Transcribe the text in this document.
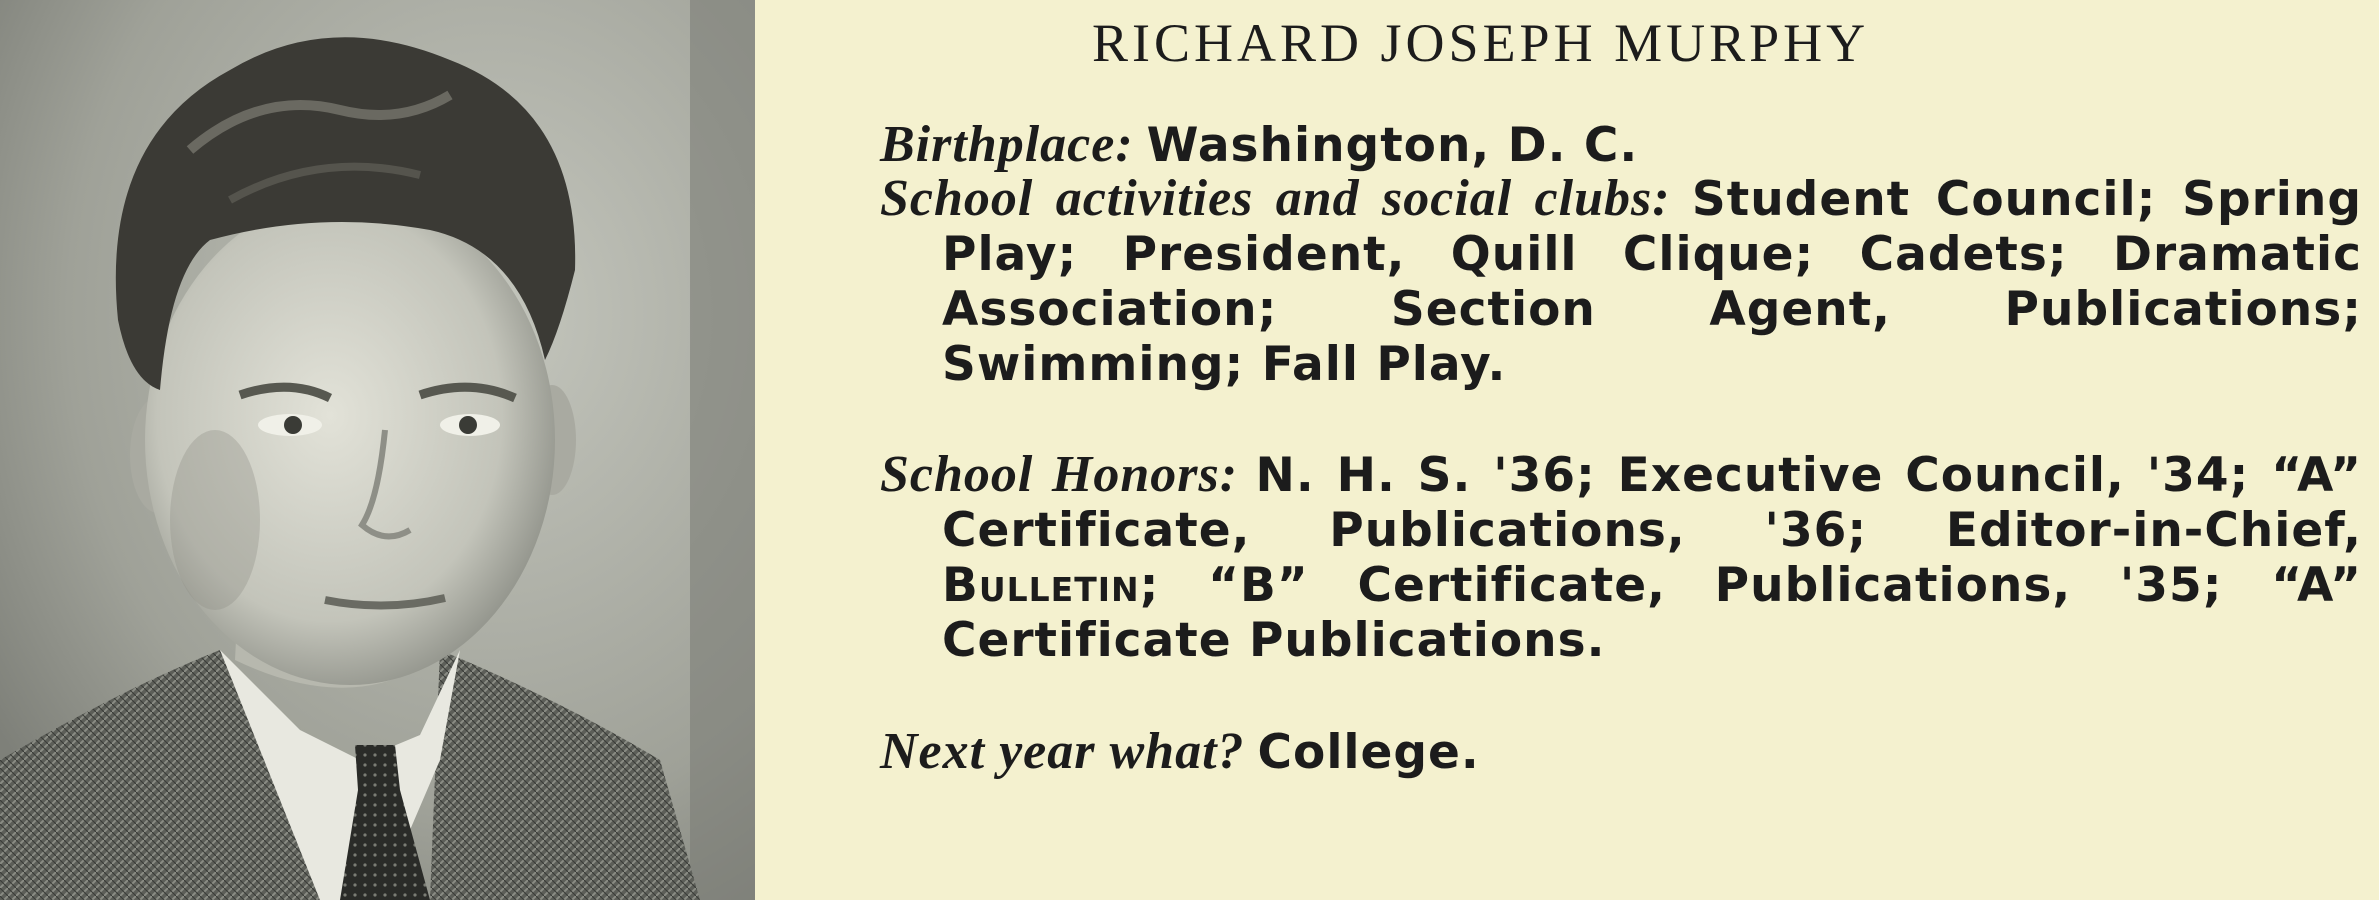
RICHARD JOSEPH MURPHY
Birthplace: Washington, D. C.
School activities and social clubs: Student Council; Spring Play; President, Quill Clique; Cadets; Dramatic Association; Section Agent, Publications; Swimming; Fall Play.
School Honors: N. H. S. '36; Executive Council, '34; “A” Certificate, Publications, '36; Editor-in-Chief, Bulletin; “B” Certificate, Publications, '35; “A” Certificate Publications.
Next year what? College.
